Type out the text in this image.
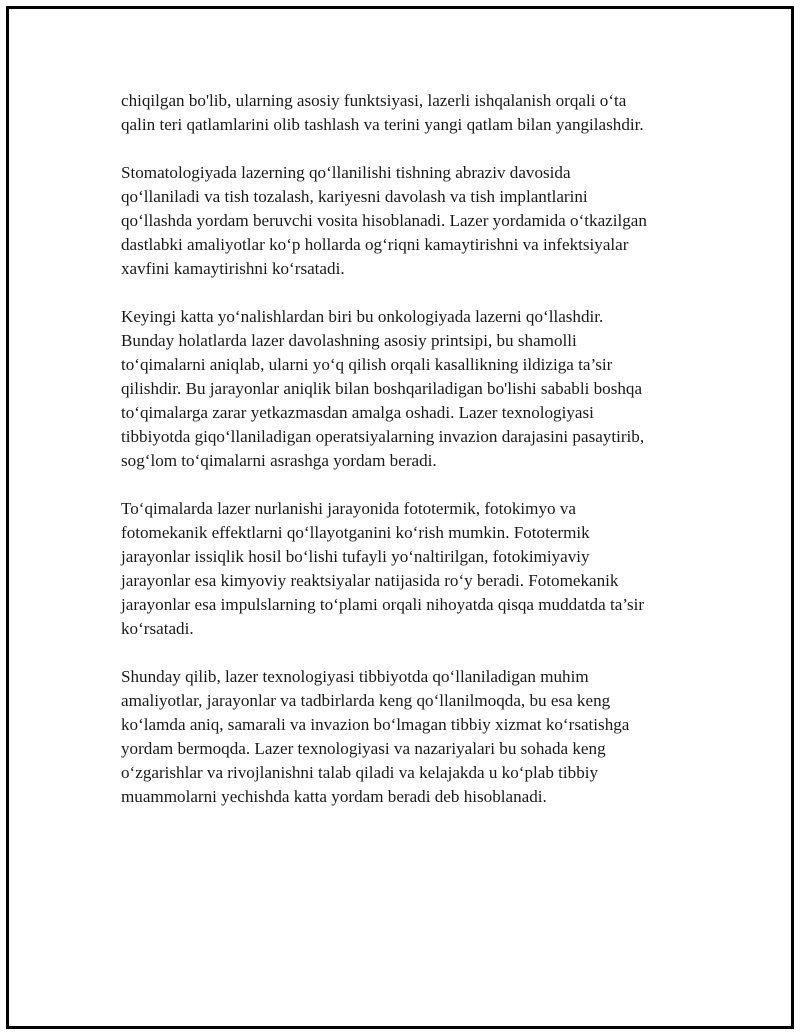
chiqilgan bo'lib, ularning asosiy funktsiyasi, lazerli ishqalanish orqali o‘ta
qalin teri qatlamlarini olib tashlash va terini yangi qatlam bilan yangilashdir.

Stomatologiyada lazerning qo‘llanilishi tishning abraziv davosida
qo‘llaniladi va tish tozalash, kariyesni davolash va tish implantlarini
qo‘llashda yordam beruvchi vosita hisoblanadi. Lazer yordamida o‘tkazilgan
dastlabki amaliyotlar ko‘p hollarda og‘riqni kamaytirishni va infektsiyalar
xavfini kamaytirishni ko‘rsatadi.

Keyingi katta yo‘nalishlardan biri bu onkologiyada lazerni qo‘llashdir.
Bunday holatlarda lazer davolashning asosiy printsipi, bu shamolli
to‘qimalarni aniqlab, ularni yo‘q qilish orqali kasallikning ildiziga ta’sir
qilishdir. Bu jarayonlar aniqlik bilan boshqariladigan bo'lishi sababli boshqa
to‘qimalarga zarar yetkazmasdan amalga oshadi. Lazer texnologiyasi
tibbiyotda giqo‘llaniladigan operatsiyalarning invazion darajasini pasaytirib,
sog‘lom to‘qimalarni asrashga yordam beradi.

To‘qimalarda lazer nurlanishi jarayonida fototermik, fotokimyo va
fotomekanik effektlarni qo‘llayotganini ko‘rish mumkin. Fototermik
jarayonlar issiqlik hosil bo‘lishi tufayli yo‘naltirilgan, fotokimiyaviy
jarayonlar esa kimyoviy reaktsiyalar natijasida ro‘y beradi. Fotomekanik
jarayonlar esa impulslarning to‘plami orqali nihoyatda qisqa muddatda ta’sir
ko‘rsatadi.

Shunday qilib, lazer texnologiyasi tibbiyotda qo‘llaniladigan muhim
amaliyotlar, jarayonlar va tadbirlarda keng qo‘llanilmoqda, bu esa keng
ko‘lamda aniq, samarali va invazion bo‘lmagan tibbiy xizmat ko‘rsatishga
yordam bermoqda. Lazer texnologiyasi va nazariyalari bu sohada keng
o‘zgarishlar va rivojlanishni talab qiladi va kelajakda u ko‘plab tibbiy
muammolarni yechishda katta yordam beradi deb hisoblanadi.
